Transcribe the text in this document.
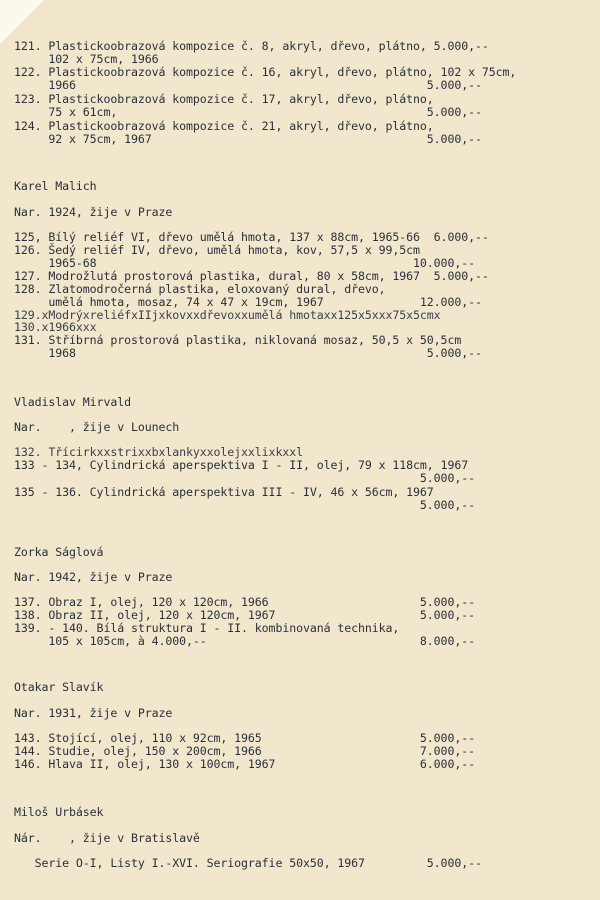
121. Plastickoobrazová kompozice č. 8, akryl, dřevo, plátno, 5.000,--
102 x 75cm, 1966
122. Plastickoobrazová kompozice č. 16, akryl, dřevo, plátno, 102 x 75cm,
1966                                                   5.000,--
123. Plastickoobrazová kompozice č. 17, akryl, dřevo, plátno,
75 x 61cm,                                             5.000,--
124. Plastickoobrazová kompozice č. 21, akryl, dřevo, plátno,
92 x 75cm, 1967                                        5.000,--
Karel Malich
Nar. 1924, žije v Praze
125, Bílý reliéf VI, dřevo umělá hmota, 137 x 88cm, 1965-66  6.000,--
126. Šedý reliéf IV, dřevo, umělá hmota, kov, 57,5 x 99,5cm
1965-68                                              10.000,--
127. Modrožlutá prostorová plastika, dural, 80 x 58cm, 1967  5.000,--
128. Zlatomodročerná plastika, eloxovaný dural, dřevo,
umělá hmota, mosaz, 74 x 47 x 19cm, 1967              12.000,--
129.xModrýxreliéfxIIjxkovxxdřevoxxumělá hmotaxx125x5xxx75x5cmx
130.x1966xxx
131. Stříbrná prostorová plastika, niklovaná mosaz, 50,5 x 50,5cm
1968                                                   5.000,--
Vladislav Mirvald
Nar.    , žije v Lounech
132. Třícirkxxstrixxbxlankyxxolejxxlixkxxl
133 - 134, Cylindrická aperspektiva I - II, olej, 79 x 118cm, 1967
5.000,--
135 - 136. Cylindrická aperspektiva III - IV, 46 x 56cm, 1967
5.000,--
Zorka Ságlová
Nar. 1942, žije v Praze
137. Obraz I, olej, 120 x 120cm, 1966                      5.000,--
138. Obraz II, olej, 120 x 120cm, 1967                     5.000,--
139. - 140. Bílá struktura I - II. kombinovaná technika,
105 x 105cm, à 4.000,--                               8.000,--
Otakar Slavík
Nar. 1931, žije v Praze
143. Stojící, olej, 110 x 92cm, 1965                       5.000,--
144. Studie, olej, 150 x 200cm, 1966                       7.000,--
146. Hlava II, olej, 130 x 100cm, 1967                     6.000,--
Miloš Urbásek
Nár.    , žije v Bratislavě
Serie O-I, Listy I.-XVI. Seriografie 50x50, 1967         5.000,--
